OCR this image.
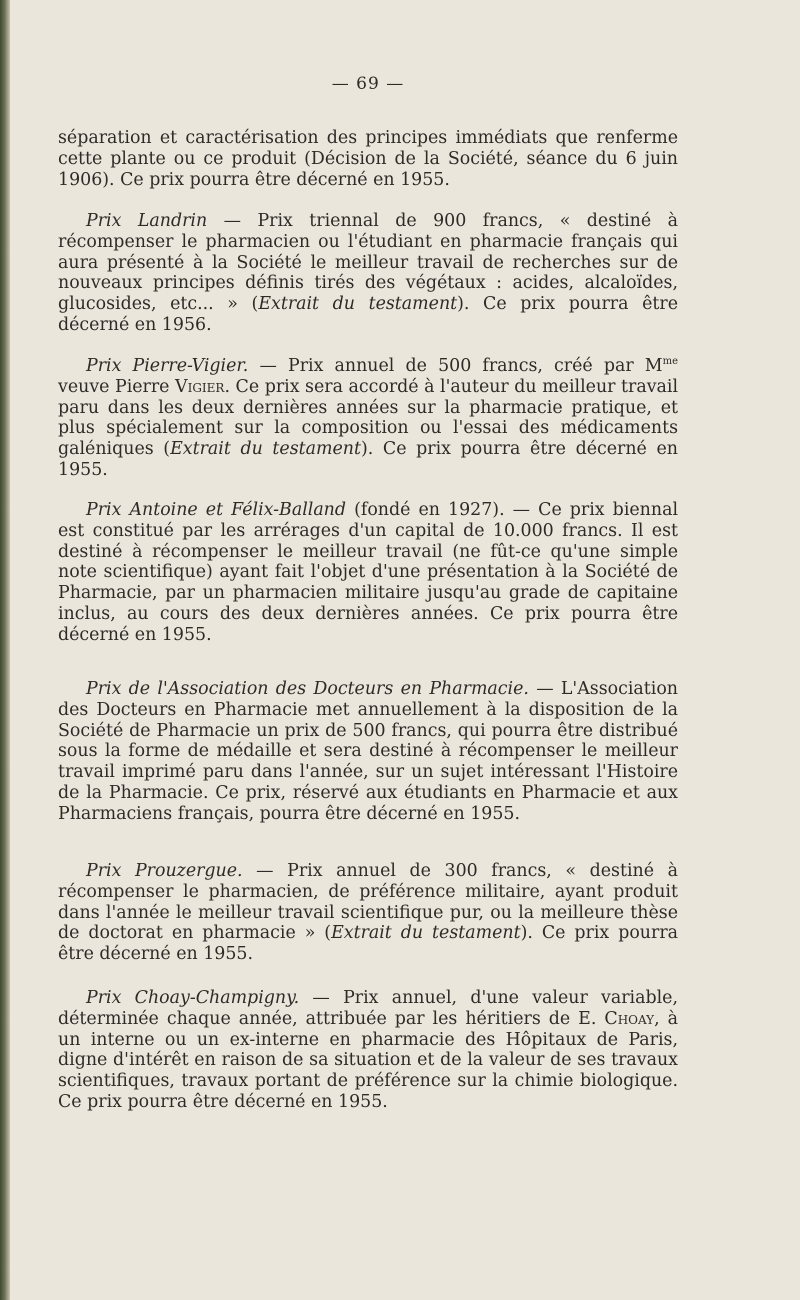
— 69 —

séparation et caractérisation des principes immédiats que renferme cette plante ou ce produit (Décision de la Société, séance du 6 juin 1906). Ce prix pourra être décerné en 1955.

Prix Landrin — Prix triennal de 900 francs, « destiné à récompenser le pharmacien ou l'étudiant en pharmacie français qui aura présenté à la Société le meilleur travail de recherches sur de nouveaux principes définis tirés des végétaux : acides, alcaloïdes, glucosides, etc... » (Extrait du testament). Ce prix pourra être décerné en 1956.

Prix Pierre-Vigier. — Prix annuel de 500 francs, créé par $M^{me}$ veuve Pierre Vigier. Ce prix sera accordé à l'auteur du meilleur travail paru dans les deux dernières années sur la pharmacie pratique, et plus spécialement sur la composition ou l'essai des médicaments galéniques (Extrait du testament). Ce prix pourra être décerné en 1955.

Prix Antoine et Félix-Balland (fondé en 1927). — Ce prix biennal est constitué par les arrérages d'un capital de 10.000 francs. Il est destiné à récompenser le meilleur travail (ne fût-ce qu'une simple note scientifique) ayant fait l'objet d'une présentation à la Société de Pharmacie, par un pharmacien militaire jusqu'au grade de capitaine inclus, au cours des deux dernières années. Ce prix pourra être décerné en 1955.

Prix de l'Association des Docteurs en Pharmacie. — L'Association des Docteurs en Pharmacie met annuellement à la disposition de la Société de Pharmacie un prix de 500 francs, qui pourra être distribué sous la forme de médaille et sera destiné à récompenser le meilleur travail imprimé paru dans l'année, sur un sujet intéressant l'Histoire de la Pharmacie. Ce prix, réservé aux étudiants en Pharmacie et aux Pharmaciens français, pourra être décerné en 1955.

Prix Prouzergue. — Prix annuel de 300 francs, « destiné à récompenser le pharmacien, de préférence militaire, ayant produit dans l'année le meilleur travail scientifique pur, ou la meilleure thèse de doctorat en pharmacie » (Extrait du testament). Ce prix pourra être décerné en 1955.

Prix Choay-Champigny. — Prix annuel, d'une valeur variable, déterminée chaque année, attribuée par les héritiers de E. Choay, à un interne ou un ex-interne en pharmacie des Hôpitaux de Paris, digne d'intérêt en raison de sa situation et de la valeur de ses travaux scientifiques, travaux portant de préférence sur la chimie biologique. Ce prix pourra être décerné en 1955.
